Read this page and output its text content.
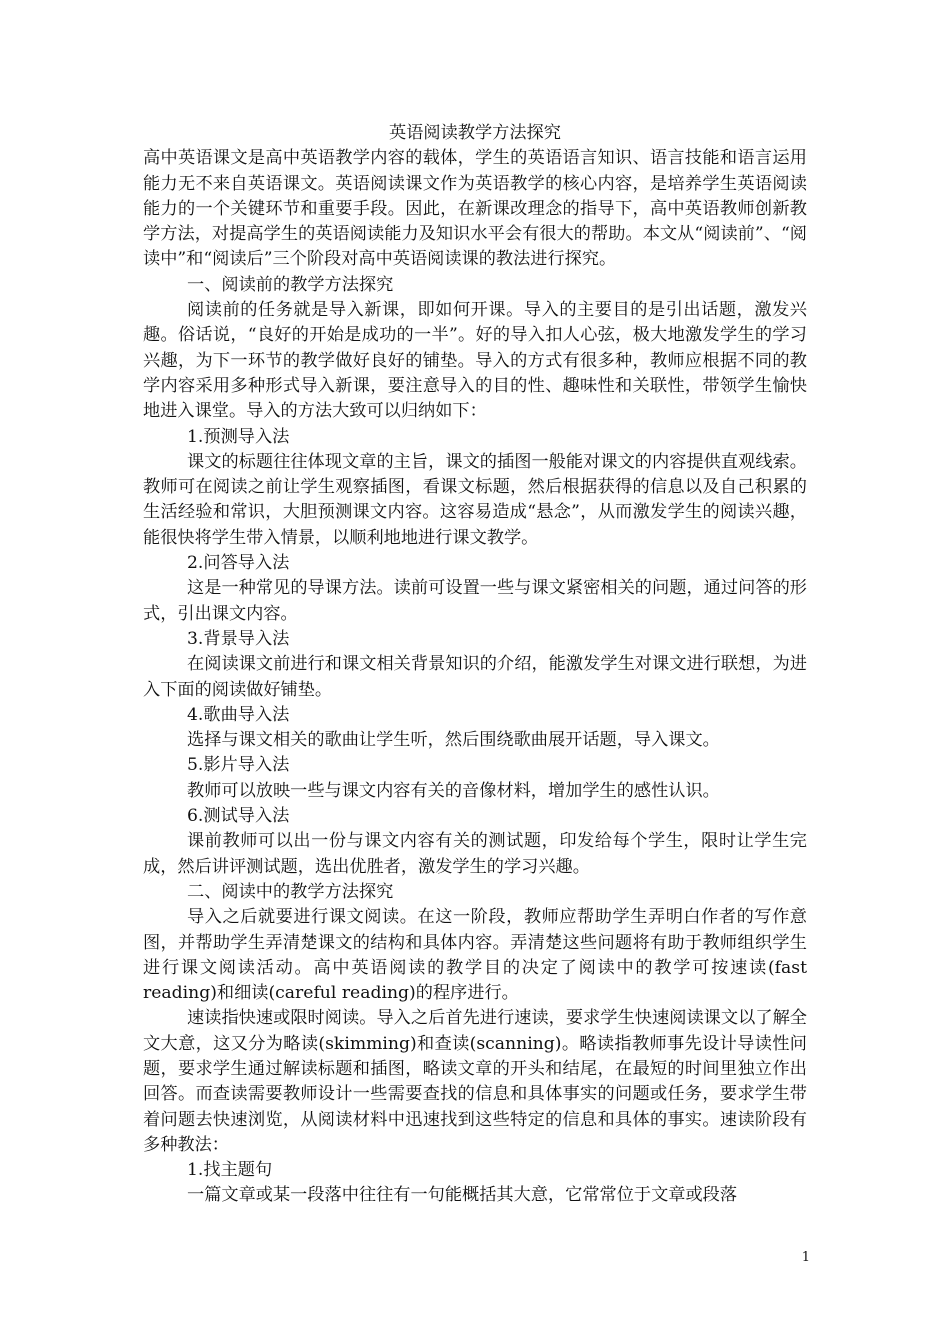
英语阅读教学方法探究

高中英语课文是高中英语教学内容的载体，学生的英语语言知识、语言技能和语言运用能力无不来自英语课文。英语阅读课文作为英语教学的核心内容，是培养学生英语阅读能力的一个关键环节和重要手段。因此，在新课改理念的指导下，高中英语教师创新教学方法，对提高学生的英语阅读能力及知识水平会有很大的帮助。本文从“阅读前”、“阅读中”和“阅读后”三个阶段对高中英语阅读课的教法进行探究。

一、阅读前的教学方法探究

阅读前的任务就是导入新课，即如何开课。导入的主要目的是引出话题，激发兴趣。俗话说，“良好的开始是成功的一半”。好的导入扣人心弦，极大地激发学生的学习兴趣，为下一环节的教学做好良好的铺垫。导入的方式有很多种，教师应根据不同的教学内容采用多种形式导入新课，要注意导入的目的性、趣味性和关联性，带领学生愉快地进入课堂。导入的方法大致可以归纳如下：

1.预测导入法

课文的标题往往体现文章的主旨，课文的插图一般能对课文的内容提供直观线索。教师可在阅读之前让学生观察插图，看课文标题，然后根据获得的信息以及自己积累的生活经验和常识，大胆预测课文内容。这容易造成“悬念”，从而激发学生的阅读兴趣，能很快将学生带入情景，以顺利地地进行课文教学。

2.问答导入法

这是一种常见的导课方法。读前可设置一些与课文紧密相关的问题，通过问答的形式，引出课文内容。

3.背景导入法

在阅读课文前进行和课文相关背景知识的介绍，能激发学生对课文进行联想，为进入下面的阅读做好铺垫。

4.歌曲导入法

选择与课文相关的歌曲让学生听，然后围绕歌曲展开话题，导入课文。

5.影片导入法

教师可以放映一些与课文内容有关的音像材料，增加学生的感性认识。

6.测试导入法

课前教师可以出一份与课文内容有关的测试题，印发给每个学生，限时让学生完成，然后讲评测试题，选出优胜者，激发学生的学习兴趣。

二、阅读中的教学方法探究

导入之后就要进行课文阅读。在这一阶段，教师应帮助学生弄明白作者的写作意图，并帮助学生弄清楚课文的结构和具体内容。弄清楚这些问题将有助于教师组织学生进行课文阅读活动。高中英语阅读的教学目的决定了阅读中的教学可按速读(fast reading)和细读(careful reading)的程序进行。

速读指快速或限时阅读。导入之后首先进行速读，要求学生快速阅读课文以了解全文大意，这又分为略读(skimming)和查读(scanning)。略读指教师事先设计导读性问题，要求学生通过解读标题和插图，略读文章的开头和结尾，在最短的时间里独立作出回答。而查读需要教师设计一些需要查找的信息和具体事实的问题或任务，要求学生带着问题去快速浏览，从阅读材料中迅速找到这些特定的信息和具体的事实。速读阶段有多种教法：

1.找主题句

一篇文章或某一段落中往往有一句能概括其大意，它常常位于文章或段落

1
